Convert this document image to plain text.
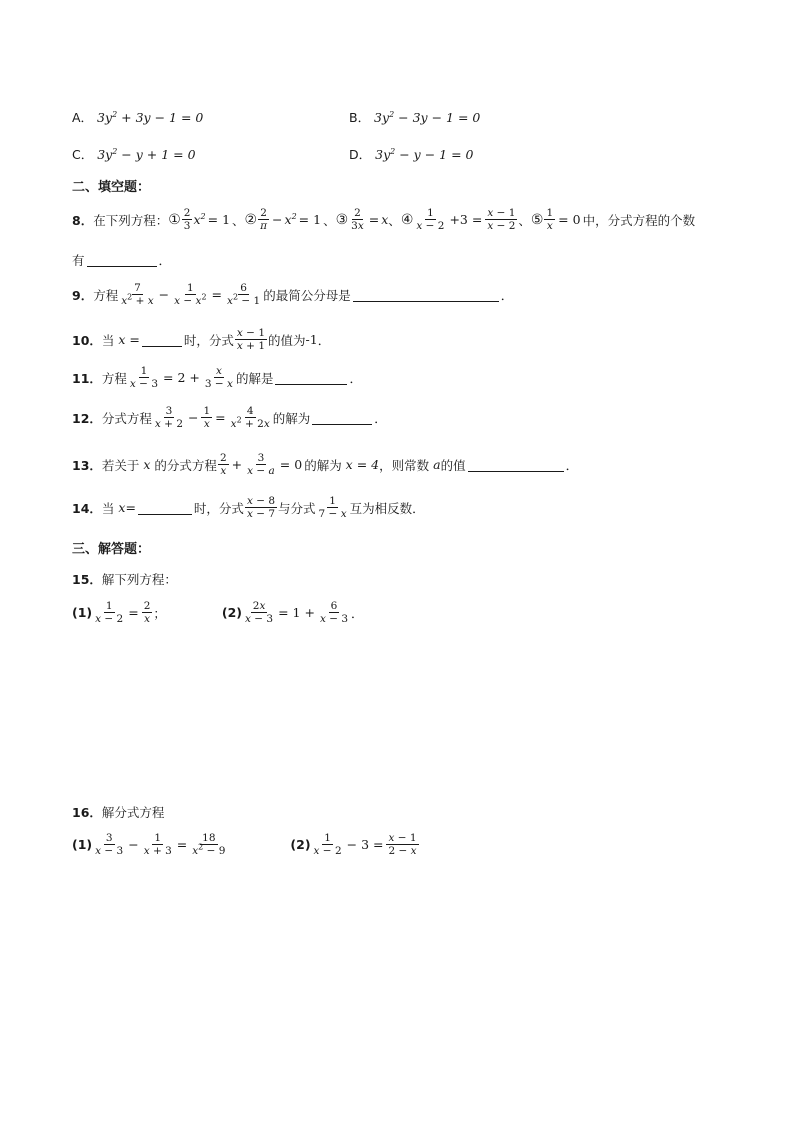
A． $3y^2 + 3y - 1 = 0$	B． $3y^2 - 3y - 1 = 0$
C． $3y^2 - y + 1 = 0$	D． $3y^2 - y - 1 = 0$
二、填空题：
8． 在下列方程： ① 2
3 $x^2 = 1$ 、 ② 2
$\pi - x^2 = 1$ 、 ③ $\frac{2}{3x} = x$ 、 ④ 1
$x - 2 +3 = \frac{x - 1}{x - 2}$ 、 ⑤ $\frac{1}{x} = 0$ 中，分式方程的个数
有	．
9． 方程 7
$x^2 + x - \frac{1}{x - x^2} = \frac{6}{x^2 - 1}$ 的最简公分母是	．
10． 当 x =	时，分式 x − 1
x + 1 的值为 -1 ．
11． 方程 $\frac{1}{x - 3} = 2 + \frac{x}{3 - x}$ 的解是	．
12． 分式方程 3
$x + 2 - \frac{1}{x} = \frac{4}{x^2 + 2x}$ 的解为	．
13． 若关于 x 的分式方程 2
$x + \frac{3}{x - a} = 0$ 的解为 x = 4 ，则常数 a 的值	．
14． 当 x=	时，分式 x − 8
x − 7 与分式 1
7 − x 互为相反数．
三、解答题：
15． 解下列方程：
$(1) \frac{1}{x - 2} = \frac{2}{x}$ ；	$(2) \frac{2x}{x - 3} = 1 + \frac{6}{x - 3}$ ．
16． 解分式方程
(1) 3
$x - 3 - \frac{1}{x + 3} = \frac{18}{x^2 - 9}$	(2) 1
$x - 2 - 3 = \frac{x - 1}{2 - x}$
